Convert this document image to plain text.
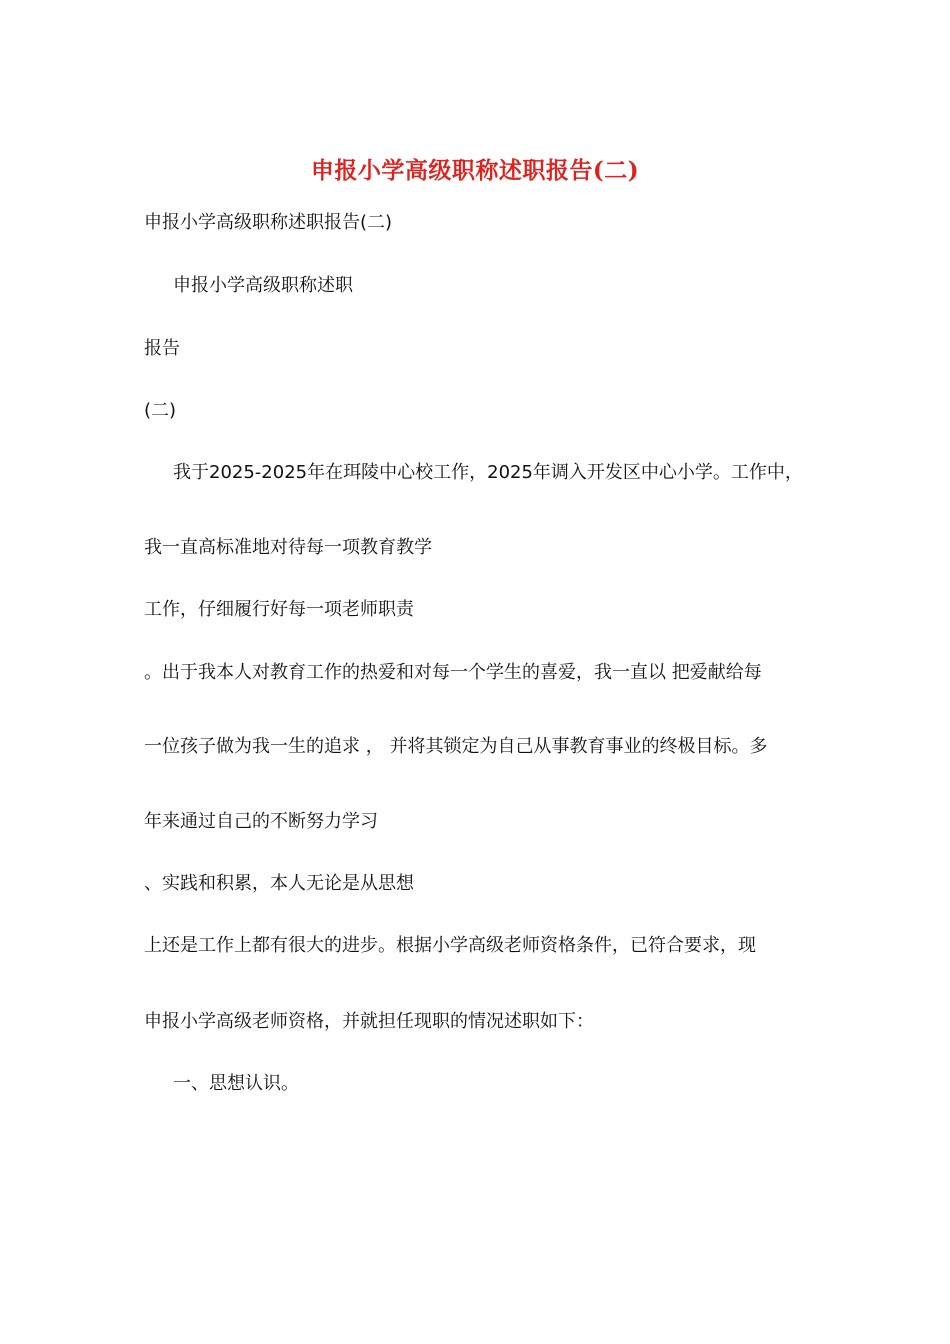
申报小学高级职称述职报告(二)
申报小学高级职称述职报告(二)
申报小学高级职称述职
报告
(二)
我于2025-2025年在珥陵中心校工作，2025年调入开发区中心小学。工作中，
我一直高标准地对待每一项教育教学
工作，仔细履行好每一项老师职责
。出于我本人对教育工作的热爱和对每一个学生的喜爱，我一直以 把爱献给每
一位孩子做为我一生的追求 ， 并将其锁定为自己从事教育事业的终极目标。多
年来通过自己的不断努力学习
、实践和积累，本人无论是从思想
上还是工作上都有很大的进步。根据小学高级老师资格条件，已符合要求，现
申报小学高级老师资格，并就担任现职的情况述职如下：
一、思想认识。
